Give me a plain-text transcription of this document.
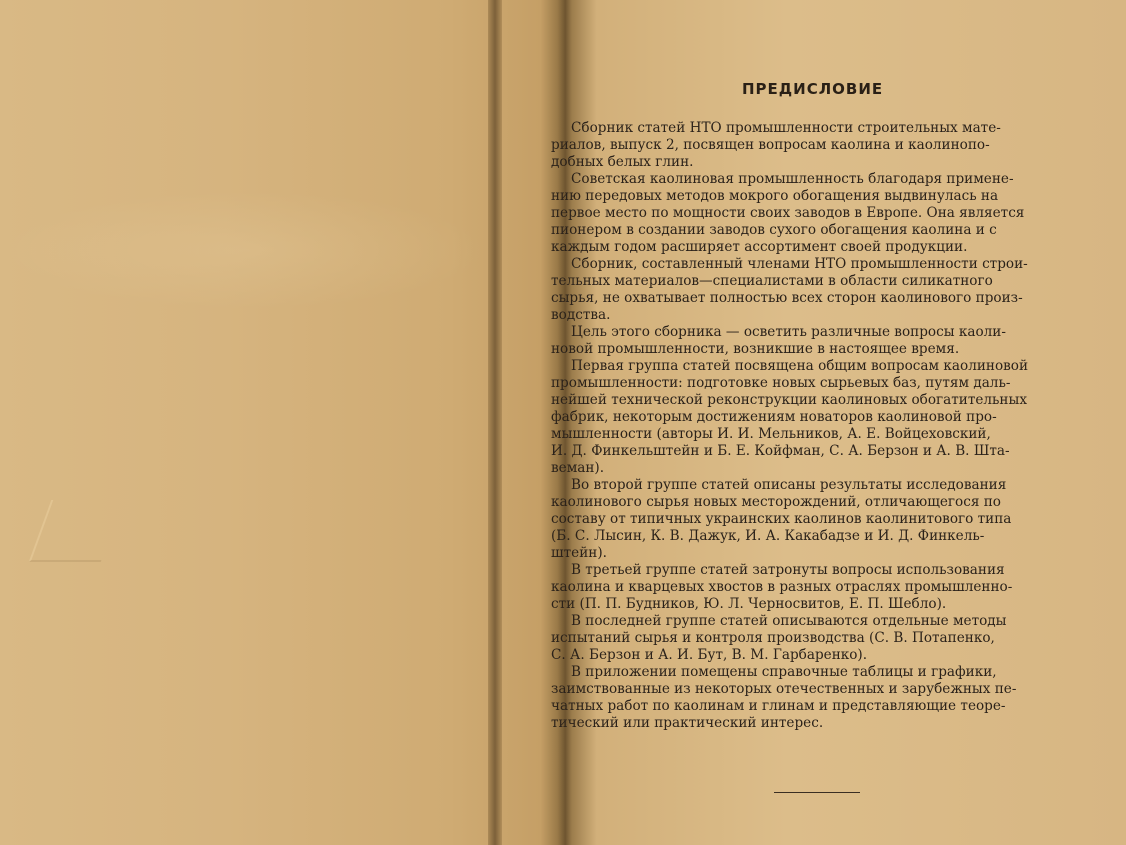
ПРЕДИСЛОВИЕ
Сборник статей НТО промышленности строительных мате-
риалов, выпуск 2, посвящен вопросам каолина и каолинопо-
добных белых глин.
Советская каолиновая промышленность благодаря примене-
нию передовых методов мокрого обогащения выдвинулась на
первое место по мощности своих заводов в Европе. Она является
пионером в создании заводов сухого обогащения каолина и с
каждым годом расширяет ассортимент своей продукции.
Сборник, составленный членами НТО промышленности строи-
тельных материалов—специалистами в области силикатного
сырья, не охватывает полностью всех сторон каолинового произ-
водства.
Цель этого сборника — осветить различные вопросы каоли-
новой промышленности, возникшие в настоящее время.
Первая группа статей посвящена общим вопросам каолиновой
промышленности: подготовке новых сырьевых баз, путям даль-
нейшей технической реконструкции каолиновых обогатительных
фабрик, некоторым достижениям новаторов каолиновой про-
мышленности (авторы И. И. Мельников, А. Е. Войцеховский,
И. Д. Финкельштейн и Б. Е. Койфман, С. А. Берзон и А. В. Шта-
веман).
Во второй группе статей описаны результаты исследования
каолинового сырья новых месторождений, отличающегося по
составу от типичных украинских каолинов каолинитового типа
(Б. С. Лысин, К. В. Дажук, И. А. Какабадзе и И. Д. Финкель-
штейн).
В третьей группе статей затронуты вопросы использования
каолина и кварцевых хвостов в разных отраслях промышленно-
сти (П. П. Будников, Ю. Л. Черносвитов, Е. П. Шебло).
В последней группе статей описываются отдельные методы
испытаний сырья и контроля производства (С. В. Потапенко,
С. А. Берзон и А. И. Бут, В. М. Гарбаренко).
В приложении помещены справочные таблицы и графики,
заимствованные из некоторых отечественных и зарубежных пе-
чатных работ по каолинам и глинам и представляющие теоре-
тический или практический интерес.
